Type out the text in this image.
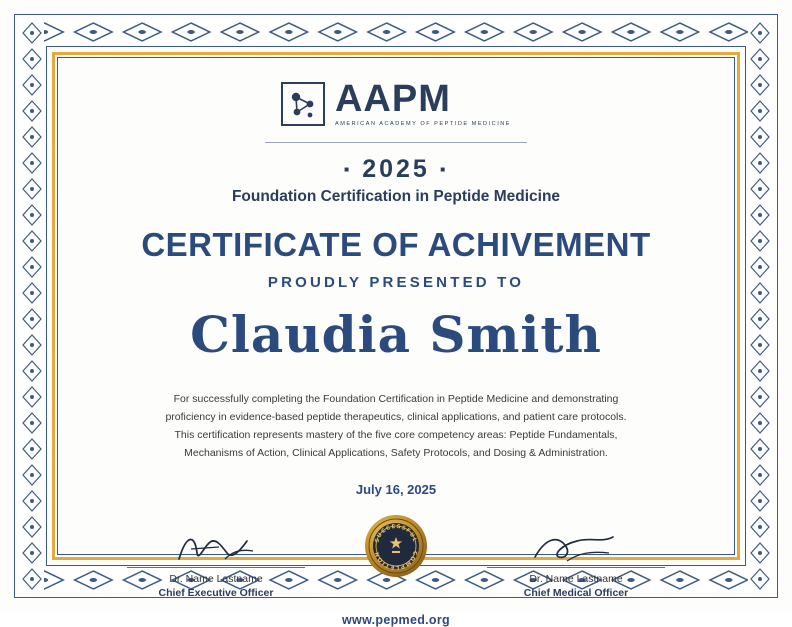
AAPM
AMERICAN ACADEMY OF PEPTIDE MEDICINE
▪ 2025 ▪
Foundation Certification in Peptide Medicine
CERTIFICATE OF ACHIVEMENT
PROUDLY PRESENTED TO
Claudia Smith
For successfully completing the Foundation Certification in Peptide Medicine and demonstrating
proficiency in evidence-based peptide therapeutics, clinical applications, and patient care protocols.
This certification represents mastery of the five core competency areas: Peptide Fundamentals,
Mechanisms of Action, Clinical Applications, Safety Protocols, and Dosing & Administration.
July 16, 2025
Dr. Name Lastname
Chief Executive Officer
SUCCESSFUL
COMPLETION
Dr. Name Lastname
Chief Medical Officer
www.pepmed.org
